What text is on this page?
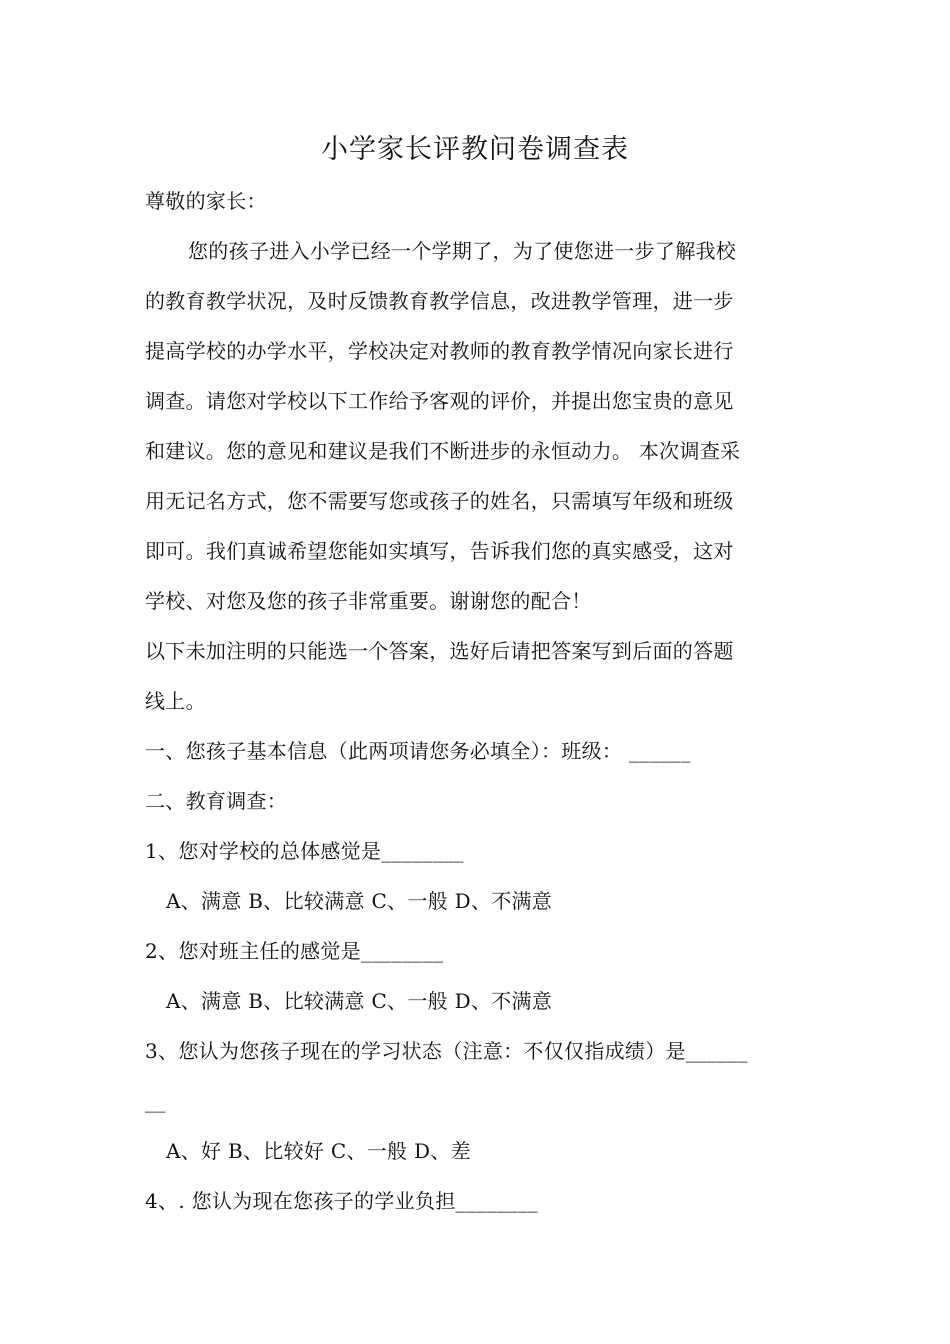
小学家长评教问卷调查表
尊敬的家长：
您的孩子进入小学已经一个学期了，为了使您进一步了解我校
的教育教学状况，及时反馈教育教学信息，改进教学管理，进一步
提高学校的办学水平，学校决定对教师的教育教学情况向家长进行
调查。请您对学校以下工作给予客观的评价，并提出您宝贵的意见
和建议。您的意见和建议是我们不断进步的永恒动力。 本次调查采
用无记名方式，您不需要写您或孩子的姓名，只需填写年级和班级
即可。我们真诚希望您能如实填写，告诉我们您的真实感受，这对
学校、对您及您的孩子非常重要。谢谢您的配合！
以下未加注明的只能选一个答案，选好后请把答案写到后面的答题
线上。
一、您孩子基本信息（此两项请您务必填全）：班级： ______
二、教育调查：
1、您对学校的总体感觉是________
A、满意 B、比较满意 C、一般 D、不满意
2、您对班主任的感觉是________
A、满意 B、比较满意 C、一般 D、不满意
3、您认为您孩子现在的学习状态（注意：不仅仅指成绩）是______
__
A、好 B、比较好 C、一般 D、差
4、. 您认为现在您孩子的学业负担________
